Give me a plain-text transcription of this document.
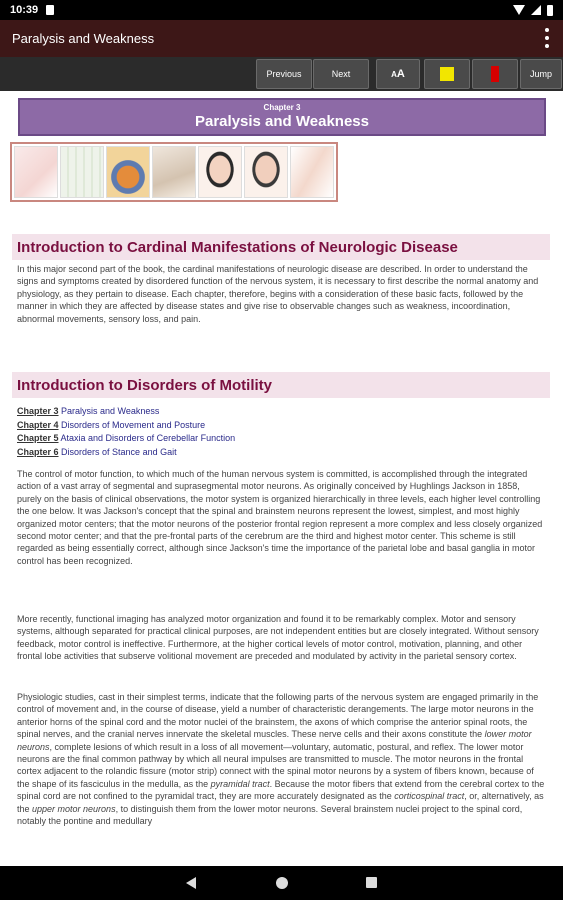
10:39
Paralysis and Weakness
Previous	Next	AA	Jump
Chapter 3
Paralysis and Weakness
Introduction to Cardinal Manifestations of Neurologic Disease

In this major second part of the book, the cardinal manifestations of neurologic disease are described. In order to understand the signs and symptoms created by disordered function of the nervous system, it is necessary to first describe the normal anatomy and physiology, as they pertain to disease. Each chapter, therefore, begins with a consideration of these basic facts, followed by the manner in which they are affected by disease states and give rise to observable changes such as weakness, incoordination, abnormal movements, sensory loss, and pain.

Introduction to Disorders of Motility
Chapter 3 Paralysis and Weakness
Chapter 4 Disorders of Movement and Posture
Chapter 5 Ataxia and Disorders of Cerebellar Function
Chapter 6 Disorders of Stance and Gait

The control of motor function, to which much of the human nervous system is committed, is accomplished through the integrated action of a vast array of segmental and suprasegmental motor neurons. As originally conceived by Hughlings Jackson in 1858, purely on the basis of clinical observations, the motor system is organized hierarchically in three levels, each higher level controlling the one below. It was Jackson's concept that the spinal and brainstem neurons represent the lowest, simplest, and most highly organized motor centers; that the motor neurons of the posterior frontal region represent a more complex and less closely organized second motor center; and that the pre-frontal parts of the cerebrum are the third and highest motor center. This scheme is still regarded as being essentially correct, although since Jackson's time the importance of the parietal lobe and basal ganglia in motor control has been recognized.

More recently, functional imaging has analyzed motor organization and found it to be remarkably complex. Motor and sensory systems, although separated for practical clinical purposes, are not independent entities but are closely integrated. Without sensory feedback, motor control is ineffective. Furthermore, at the higher cortical levels of motor control, motivation, planning, and other frontal lobe activities that subserve volitional movement are preceded and modulated by activity in the parietal sensory cortex.

Physiologic studies, cast in their simplest terms, indicate that the following parts of the nervous system are engaged primarily in the control of movement and, in the course of disease, yield a number of characteristic derangements. The large motor neurons in the anterior horns of the spinal cord and the motor nuclei of the brainstem, the axons of which comprise the anterior spinal roots, the spinal nerves, and the cranial nerves innervate the skeletal muscles. These nerve cells and their axons constitute the lower motor neurons, complete lesions of which result in a loss of all movement—voluntary, automatic, postural, and reflex. The lower motor neurons are the final common pathway by which all neural impulses are transmitted to muscle. The motor neurons in the frontal cortex adjacent to the rolandic fissure (motor strip) connect with the spinal motor neurons by a system of fibers known, because of the shape of its fasciculus in the medulla, as the pyramidal tract. Because the motor fibers that extend from the cerebral cortex to the spinal cord are not confined to the pyramidal tract, they are more accurately designated as the corticospinal tract, or, alternatively, as the upper motor neurons, to distinguish them from the lower motor neurons. Several brainstem nuclei project to the spinal cord, notably the pontine and medullary
